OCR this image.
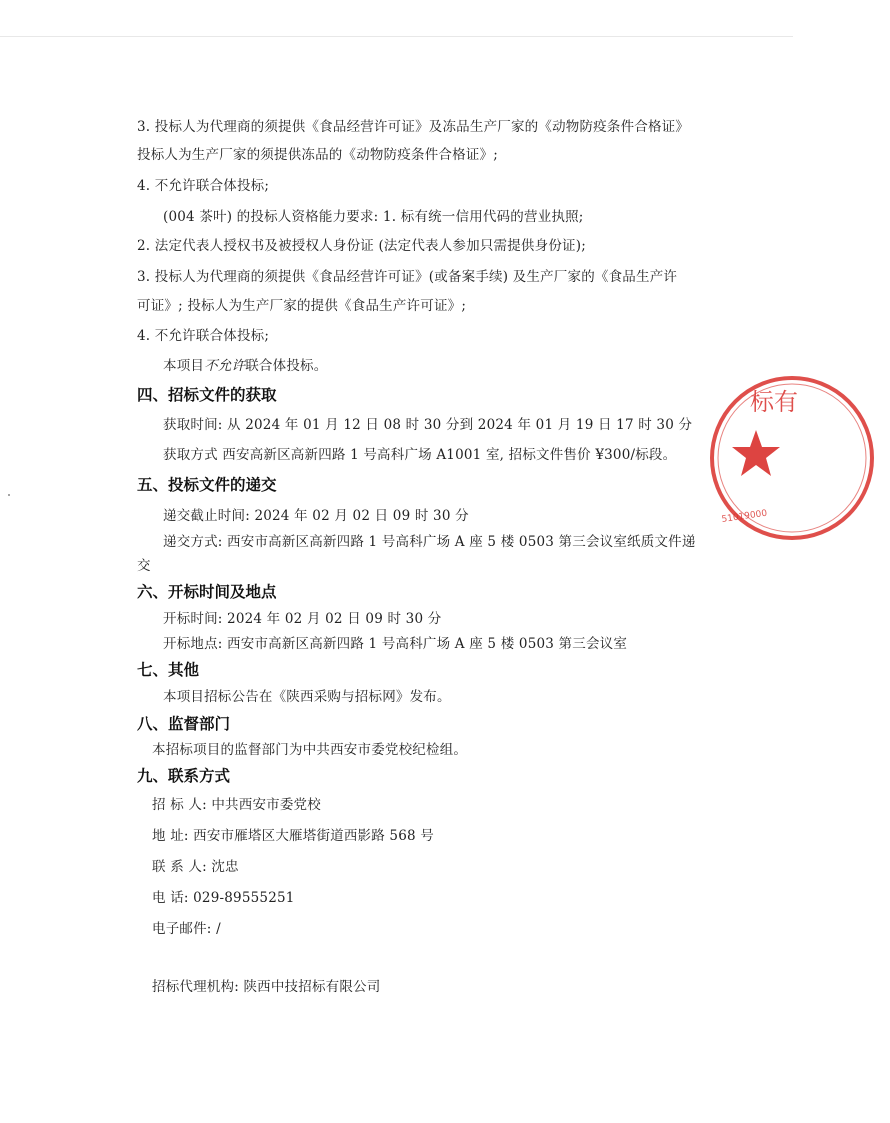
3. 投标人为代理商的须提供《食品经营许可证》及冻品生产厂家的《动物防疫条件合格证》
投标人为生产厂家的须提供冻品的《动物防疫条件合格证》;
4. 不允许联合体投标;
(004 茶叶) 的投标人资格能力要求: 1. 标有统一信用代码的营业执照;
2. 法定代表人授权书及被授权人身份证 (法定代表人参加只需提供身份证);
3. 投标人为代理商的须提供《食品经营许可证》(或备案手续) 及生产厂家的《食品生产许
可证》; 投标人为生产厂家的提供《食品生产许可证》;
4. 不允许联合体投标;
本项目不允许联合体投标。
四、招标文件的获取
获取时间: 从 2024 年 01 月 12 日 08 时 30 分到 2024 年 01 月 19 日 17 时 30 分
获取方式 西安高新区高新四路 1 号高科广场 A1001 室, 招标文件售价 ¥300/标段。
五、投标文件的递交
递交截止时间: 2024 年 02 月 02 日 09 时 30 分
递交方式: 西安市高新区高新四路 1 号高科广场 A 座 5 楼 0503 第三会议室纸质文件递
交
六、开标时间及地点
开标时间: 2024 年 02 月 02 日 09 时 30 分
开标地点: 西安市高新区高新四路 1 号高科广场 A 座 5 楼 0503 第三会议室
七、其他
本项目招标公告在《陕西采购与招标网》发布。
八、监督部门
本招标项目的监督部门为中共西安市委党校纪检组。
九、联系方式
招 标 人: 中共西安市委党校
地 址: 西安市雁塔区大雁塔街道西影路 568 号
联 系 人: 沈忠
电 话: 029-89555251
电子邮件: /
招标代理机构: 陕西中技招标有限公司
标有
51019000
